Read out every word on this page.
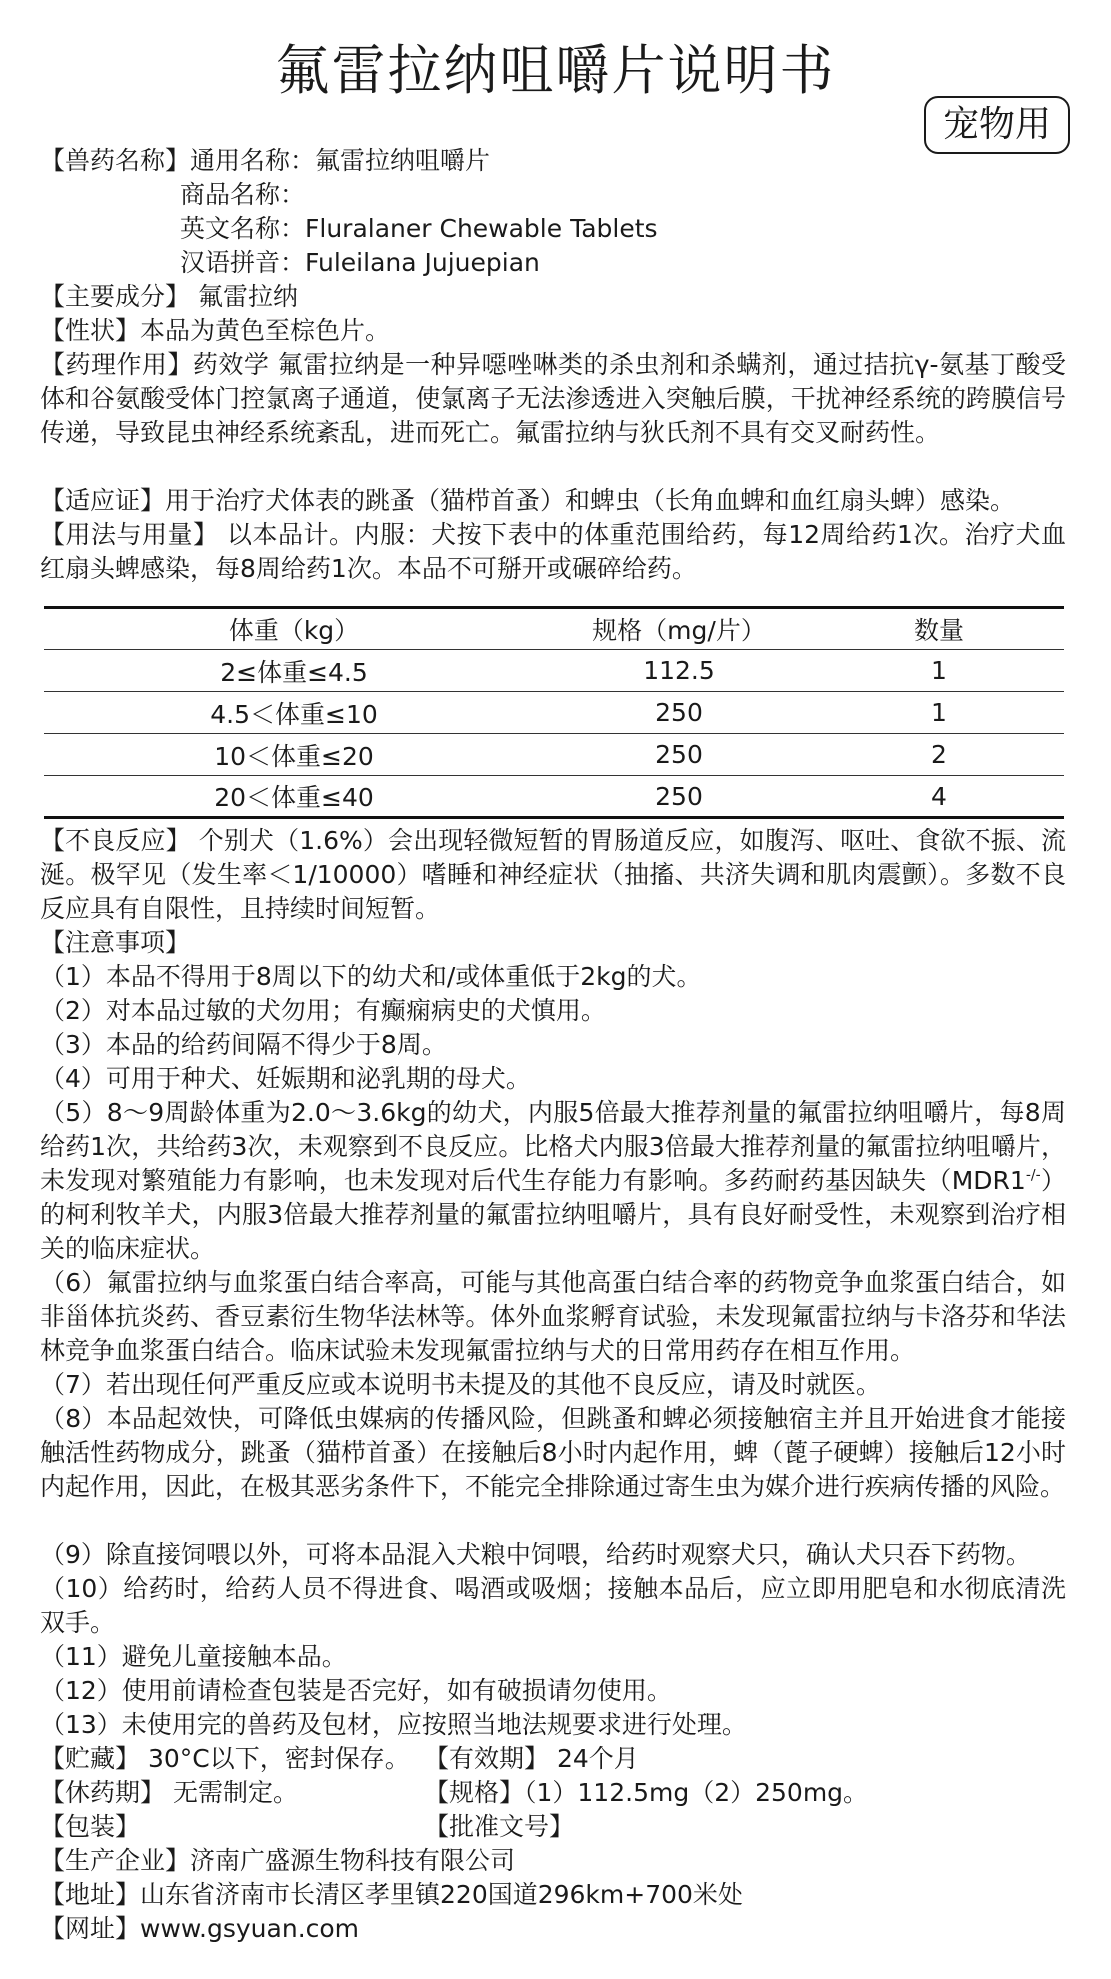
氟雷拉纳咀嚼片说明书
宠物用
【兽药名称】通用名称：氟雷拉纳咀嚼片
商品名称：
英文名称：Fluralaner Chewable Tablets
汉语拼音：Fuleilana Jujuepian
【主要成分】 氟雷拉纳
【性状】本品为黄色至棕色片。
【药理作用】药效学 氟雷拉纳是一种异噁唑啉类的杀虫剂和杀螨剂，通过拮抗γ-氨基丁酸受体和谷氨酸受体门控氯离子通道，使氯离子无法渗透进入突触后膜，干扰神经系统的跨膜信号传递，导致昆虫神经系统紊乱，进而死亡。氟雷拉纳与狄氏剂不具有交叉耐药性。
【适应证】用于治疗犬体表的跳蚤（猫栉首蚤）和蜱虫（长角血蜱和血红扇头蜱）感染。
【用法与用量】 以本品计。内服：犬按下表中的体重范围给药，每12周给药1次。治疗犬血红扇头蜱感染，每8周给药1次。本品不可掰开或碾碎给药。
体重（kg）	规格（mg/片）	数量
2≤体重≤4.5	112.5	1
4.5＜体重≤10	250	1
10＜体重≤20	250	2
20＜体重≤40	250	4
【不良反应】 个别犬（1.6%）会出现轻微短暂的胃肠道反应，如腹泻、呕吐、食欲不振、流涎。极罕见（发生率＜1/10000）嗜睡和神经症状（抽搐、共济失调和肌肉震颤）。多数不良反应具有自限性，且持续时间短暂。
【注意事项】
（1）本品不得用于8周以下的幼犬和/或体重低于2kg的犬。
（2）对本品过敏的犬勿用；有癫痫病史的犬慎用。
（3）本品的给药间隔不得少于8周。
（4）可用于种犬、妊娠期和泌乳期的母犬。
（5）8～9周龄体重为2.0～3.6kg的幼犬，内服5倍最大推荐剂量的氟雷拉纳咀嚼片，每8周给药1次，共给药3次，未观察到不良反应。比格犬内服3倍最大推荐剂量的氟雷拉纳咀嚼片，未发现对繁殖能力有影响，也未发现对后代生存能力有影响。多药耐药基因缺失（MDR1-/-）的柯利牧羊犬，内服3倍最大推荐剂量的氟雷拉纳咀嚼片，具有良好耐受性，未观察到治疗相关的临床症状。
（6）氟雷拉纳与血浆蛋白结合率高，可能与其他高蛋白结合率的药物竞争血浆蛋白结合，如非甾体抗炎药、香豆素衍生物华法林等。体外血浆孵育试验，未发现氟雷拉纳与卡洛芬和华法林竞争血浆蛋白结合。临床试验未发现氟雷拉纳与犬的日常用药存在相互作用。
（7）若出现任何严重反应或本说明书未提及的其他不良反应，请及时就医。
（8）本品起效快，可降低虫媒病的传播风险，但跳蚤和蜱必须接触宿主并且开始进食才能接触活性药物成分，跳蚤（猫栉首蚤）在接触后8小时内起作用，蜱（蓖子硬蜱）接触后12小时内起作用，因此，在极其恶劣条件下，不能完全排除通过寄生虫为媒介进行疾病传播的风险。
（9）除直接饲喂以外，可将本品混入犬粮中饲喂，给药时观察犬只，确认犬只吞下药物。
（10）给药时，给药人员不得进食、喝酒或吸烟；接触本品后，应立即用肥皂和水彻底清洗双手。
（11）避免儿童接触本品。
（12）使用前请检查包装是否完好，如有破损请勿使用。
（13）未使用完的兽药及包材，应按照当地法规要求进行处理。
【贮藏】 30°C以下，密封保存。 【有效期】 24个月
【休药期】 无需制定。	【规格】（1）112.5mg（2）250mg。
【包装】	【批准文号】
【生产企业】济南广盛源生物科技有限公司
【地址】山东省济南市长清区孝里镇220国道296km+700米处
【网址】www.gsyuan.com
